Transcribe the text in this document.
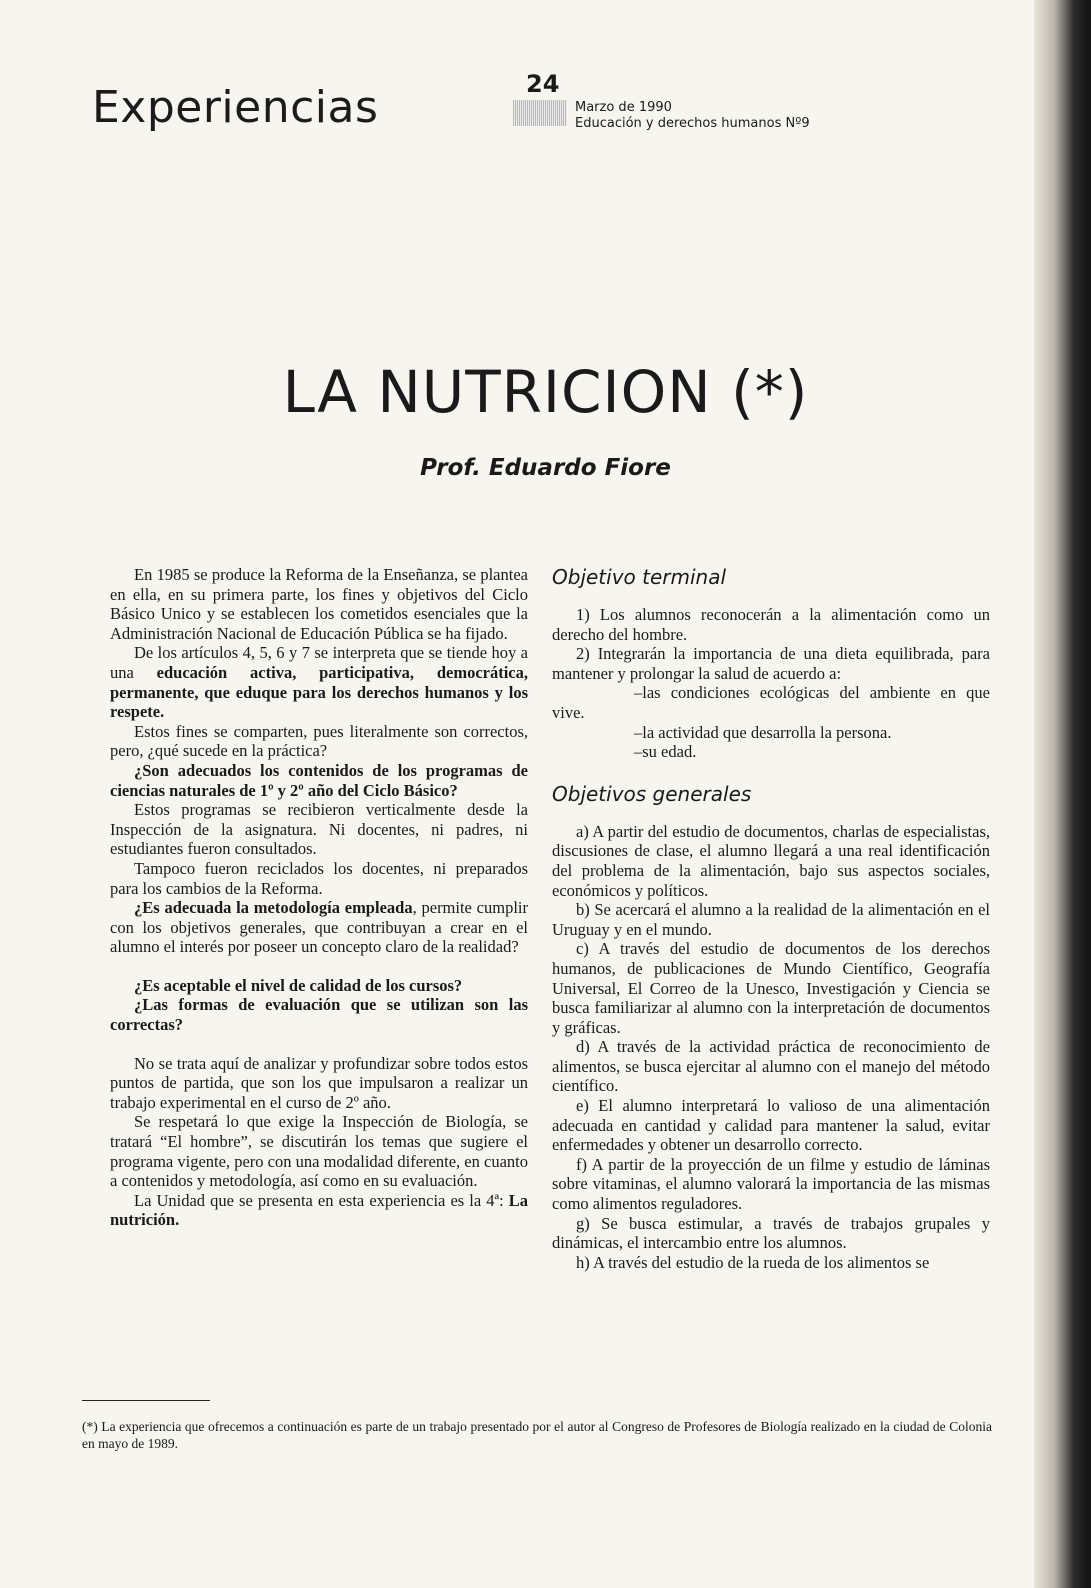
Experiencias	24
Marzo de 1990
Educación y derechos humanos Nº9
LA NUTRICION (*)
Prof. Eduardo Fiore

En 1985 se produce la Reforma de la Enseñanza, se plantea en ella, en su primera parte, los fines y objetivos del Ciclo Básico Unico y se establecen los cometidos esenciales que la Administración Nacional de Educación Pública se ha fijado.

De los artículos 4, 5, 6 y 7 se interpreta que se tiende hoy a una educación activa, participativa, democrática, permanente, que eduque para los derechos humanos y los respete.

Estos fines se comparten, pues literalmente son correctos, pero, ¿qué sucede en la práctica?

¿Son adecuados los contenidos de los programas de ciencias naturales de 1º y 2º año del Ciclo Básico?

Estos programas se recibieron verticalmente desde la Inspección de la asignatura. Ni docentes, ni padres, ni estudiantes fueron consultados.

Tampoco fueron reciclados los docentes, ni preparados para los cambios de la Reforma.

¿Es adecuada la metodología empleada, permite cumplir con los objetivos generales, que contribuyan a crear en el alumno el interés por poseer un concepto claro de la realidad?

¿Es aceptable el nivel de calidad de los cursos?

¿Las formas de evaluación que se utilizan son las correctas?

No se trata aquí de analizar y profundizar sobre todos estos puntos de partida, que son los que impulsaron a realizar un trabajo experimental en el curso de 2º año.

Se respetará lo que exige la Inspección de Biología, se tratará “El hombre”, se discutirán los temas que sugiere el programa vigente, pero con una modalidad diferente, en cuanto a contenidos y metodología, así como en su evaluación.

La Unidad que se presenta en esta experiencia es la 4ª: La nutrición.

Objetivo terminal

1) Los alumnos reconocerán a la alimentación como un derecho del hombre.

2) Integrarán la importancia de una dieta equilibrada, para mantener y prolongar la salud de acuerdo a:

–las condiciones ecológicas del ambiente en que vive.

–la actividad que desarrolla la persona.

–su edad.

Objetivos generales

a) A partir del estudio de documentos, charlas de especialistas, discusiones de clase, el alumno llegará a una real identificación del problema de la alimentación, bajo sus aspectos sociales, económicos y políticos.

b) Se acercará el alumno a la realidad de la alimentación en el Uruguay y en el mundo.

c) A través del estudio de documentos de los derechos humanos, de publicaciones de Mundo Científico, Geografía Universal, El Correo de la Unesco, Investigación y Ciencia se busca familiarizar al alumno con la interpretación de documentos y gráficas.

d) A través de la actividad práctica de reconocimiento de alimentos, se busca ejercitar al alumno con el manejo del método científico.

e) El alumno interpretará lo valioso de una alimentación adecuada en cantidad y calidad para mantener la salud, evitar enfermedades y obtener un desarrollo correcto.

f) A partir de la proyección de un filme y estudio de láminas sobre vitaminas, el alumno valorará la importancia de las mismas como alimentos reguladores.

g) Se busca estimular, a través de trabajos grupales y dinámicas, el intercambio entre los alumnos.

h) A través del estudio de la rueda de los alimentos se

(*) La experiencia que ofrecemos a continuación es parte de un trabajo presentado por el autor al Congreso de Profesores de Biología realizado en la ciudad de Colonia en mayo de 1989.
